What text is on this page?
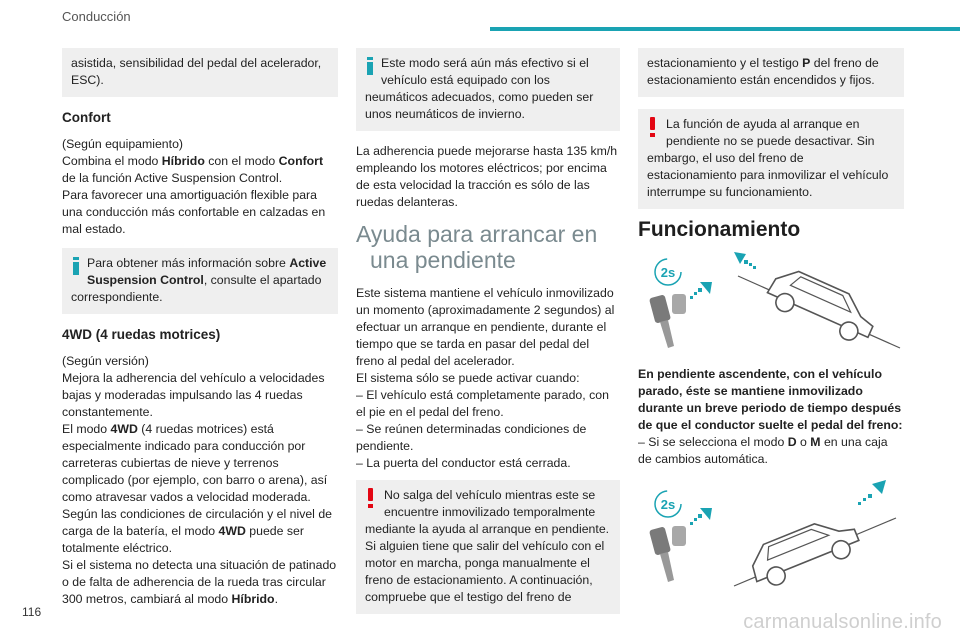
Conducción

asistida, sensibilidad del pedal del acelerador, ESC).

Confort
(Según equipamiento)
Combina el modo Híbrido con el modo Confort
de la función Active Suspension Control.
Para favorecer una amortiguación flexible para una conducción más confortable en calzadas en mal estado.

Para obtener más información sobre Active Suspension Control, consulte el apartado correspondiente.

4WD (4 ruedas motrices)
(Según versión)
Mejora la adherencia del vehículo a velocidades bajas y moderadas impulsando las 4 ruedas constantemente.
El modo 4WD (4 ruedas motrices) está especialmente indicado para conducción por carreteras cubiertas de nieve y terrenos complicado (por ejemplo, con barro o arena), así como atravesar vados a velocidad moderada.
Según las condiciones de circulación y el nivel de carga de la batería, el modo 4WD puede ser totalmente eléctrico.
Si el sistema no detecta una situación de patinado o de falta de adherencia de la rueda tras circular 300 metros, cambiará al modo Híbrido.

Este modo será aún más efectivo si el vehículo está equipado con los neumáticos adecuados, como pueden ser unos neumáticos de invierno.

La adherencia puede mejorarse hasta 135 km/h empleando los motores eléctricos; por encima de esta velocidad la tracción es sólo de las ruedas delanteras.
Ayuda para arrancar en
una pendiente
Este sistema mantiene el vehículo inmovilizado un momento (aproximadamente 2 segundos) al efectuar un arranque en pendiente, durante el tiempo que se tarda en pasar del pedal del freno al pedal del acelerador.
El sistema sólo se puede activar cuando:
– El vehículo está completamente parado, con el pie en el pedal del freno.
– Se reúnen determinadas condiciones de pendiente.
– La puerta del conductor está cerrada.

No salga del vehículo mientras este se encuentre inmovilizado temporalmente mediante la ayuda al arranque en pendiente. Si alguien tiene que salir del vehículo con el motor en marcha, ponga manualmente el freno de estacionamiento. A continuación, compruebe que el testigo del freno de

estacionamiento y el testigo P del freno de estacionamiento están encendidos y fijos.

La función de ayuda al arranque en pendiente no se puede desactivar. Sin embargo, el uso del freno de estacionamiento para inmovilizar el vehículo interrumpe su funcionamiento.

Funcionamiento
2s
En pendiente ascendente, con el vehículo parado, éste se mantiene inmovilizado durante un breve periodo de tiempo después de que el conductor suelte el pedal del freno:
– Si se selecciona el modo D o M en una caja de cambios automática.
2s
116	carmanualsonline.info
